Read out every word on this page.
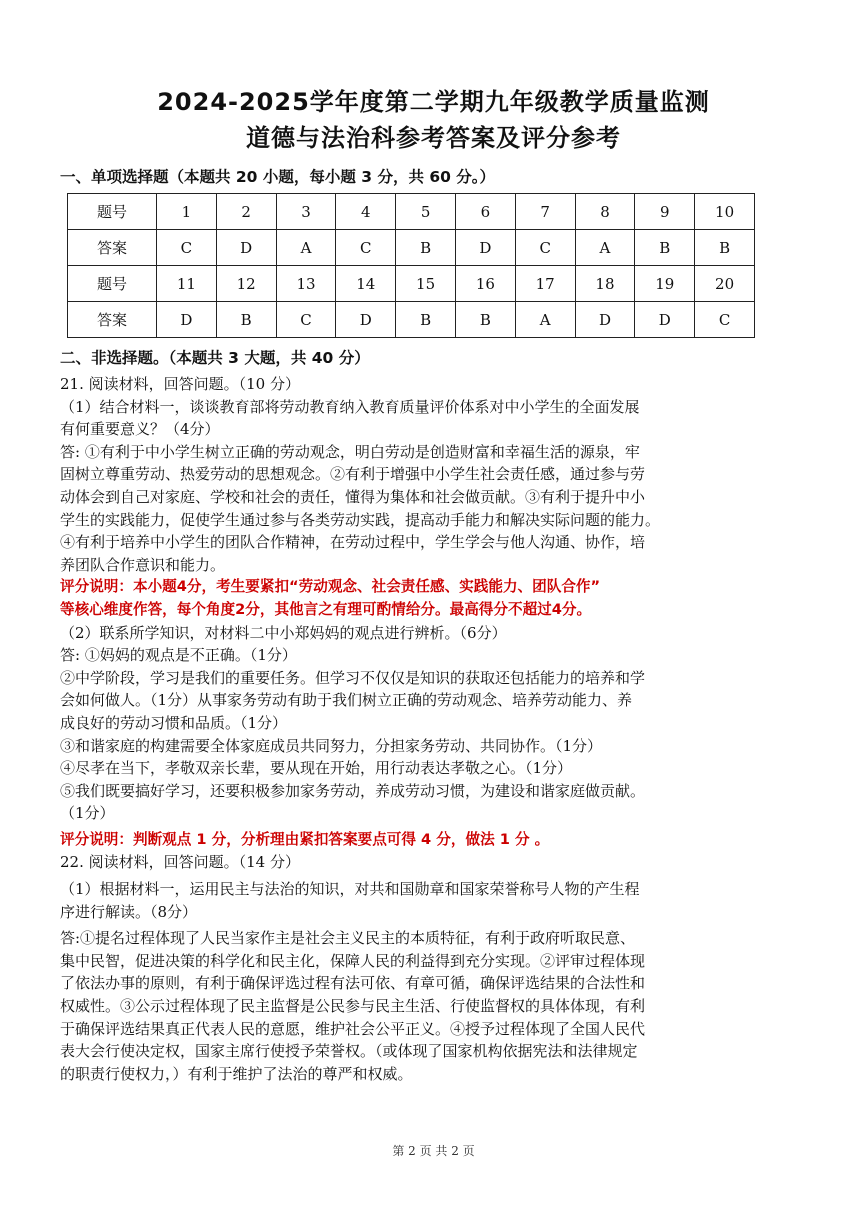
2024-2025学年度第二学期九年级教学质量监测
道德与法治科参考答案及评分参考
一、单项选择题（本题共 20 小题，每小题 3 分，共 60 分。）
题号	1	2	3	4	5	6	7	8	9	10
答案	C	D	A	C	B	D	C	A	B	B
题号	11	12	13	14	15	16	17	18	19	20
答案	D	B	C	D	B	B	A	D	D	C
二、非选择题。（本题共 3 大题，共 40 分）

21. 阅读材料，回答问题。（10 分）

（1）结合材料一，谈谈教育部将劳动教育纳入教育质量评价体系对中小学生的全面发展

有何重要意义？（4分）

答: ①有利于中小学生树立正确的劳动观念，明白劳动是创造财富和幸福生活的源泉，牢

固树立尊重劳动、热爱劳动的思想观念。②有利于增强中小学生社会责任感，通过参与劳

动体会到自己对家庭、学校和社会的责任，懂得为集体和社会做贡献。③有利于提升中小

学生的实践能力，促使学生通过参与各类劳动实践，提高动手能力和解决实际问题的能力。

④有利于培养中小学生的团队合作精神，在劳动过程中，学生学会与他人沟通、协作，培

养团队合作意识和能力。

评分说明：本小题4分，考生要紧扣“劳动观念、社会责任感、实践能力、团队合作”

等核心维度作答，每个角度2分，其他言之有理可酌情给分。最高得分不超过4分。

（2）联系所学知识，对材料二中小郑妈妈的观点进行辨析。（6分）

答: ①妈妈的观点是不正确。（1分）

②中学阶段，学习是我们的重要任务。但学习不仅仅是知识的获取还包括能力的培养和学

会如何做人。（1分）从事家务劳动有助于我们树立正确的劳动观念、培养劳动能力、养

成良好的劳动习惯和品质。（1分）

③和谐家庭的构建需要全体家庭成员共同努力，分担家务劳动、共同协作。（1分）

④尽孝在当下，孝敬双亲长辈，要从现在开始，用行动表达孝敬之心。（1分）

⑤我们既要搞好学习，还要积极参加家务劳动，养成劳动习惯，为建设和谐家庭做贡献。

（1分）

评分说明：判断观点 1 分，分析理由紧扣答案要点可得 4 分，做法 1 分 。

22. 阅读材料，回答问题。（14 分）

（1）根据材料一，运用民主与法治的知识，对共和国勋章和国家荣誉称号人物的产生程

序进行解读。（8分）

答:①提名过程体现了人民当家作主是社会主义民主的本质特征，有利于政府听取民意、

集中民智，促进决策的科学化和民主化，保障人民的利益得到充分实现。②评审过程体现

了依法办事的原则，有利于确保评选过程有法可依、有章可循，确保评选结果的合法性和

权威性。③公示过程体现了民主监督是公民参与民主生活、行使监督权的具体体现，有利

于确保评选结果真正代表人民的意愿，维护社会公平正义。④授予过程体现了全国人民代

表大会行使决定权，国家主席行使授予荣誉权。（或体现了国家机构依据宪法和法律规定

的职责行使权力，）有利于维护了法治的尊严和权威。

第 2 页 共 2 页
